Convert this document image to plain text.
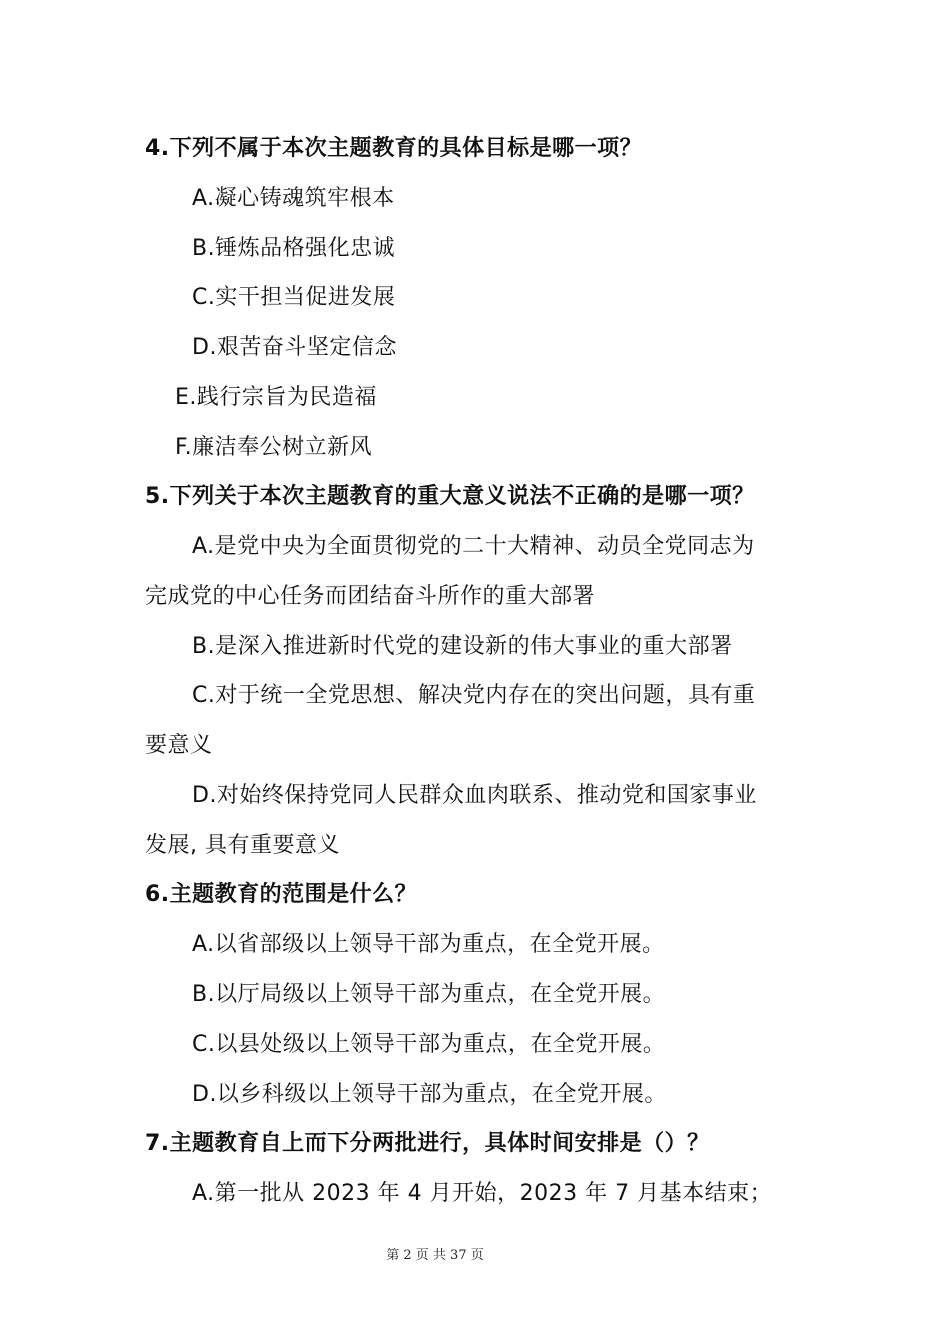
4.下列不属于本次主题教育的具体目标是哪一项？
A.凝心铸魂筑牢根本
B.锤炼品格强化忠诚
C.实干担当促进发展
D.艰苦奋斗坚定信念
E.践行宗旨为民造福
F.廉洁奉公树立新风
5.下列关于本次主题教育的重大意义说法不正确的是哪一项？
A.是党中央为全面贯彻党的二十大精神、动员全党同志为
完成党的中心任务而团结奋斗所作的重大部署
B.是深入推进新时代党的建设新的伟大事业的重大部署
C.对于统一全党思想、解决党内存在的突出问题，具有重
要意义
D.对始终保持党同人民群众血肉联系、推动党和国家事业
发展, 具有重要意义
6.主题教育的范围是什么？
A.以省部级以上领导干部为重点，在全党开展。
B.以厅局级以上领导干部为重点，在全党开展。
C.以县处级以上领导干部为重点，在全党开展。
D.以乡科级以上领导干部为重点，在全党开展。
7.主题教育自上而下分两批进行，具体时间安排是（）？
A.第一批从 2023 年 4 月开始，2023 年 7 月基本结束；
第 2 页 共 37 页
